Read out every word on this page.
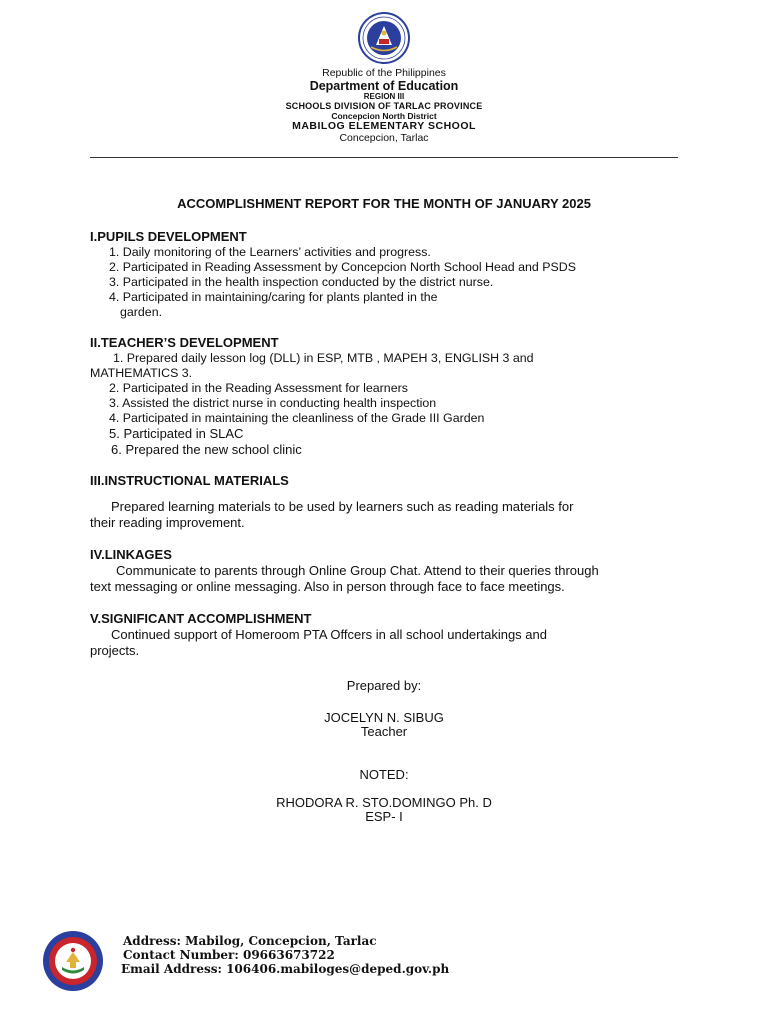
Republic of the Philippines
Department of Education
REGION III
SCHOOLS DIVISION OF TARLAC PROVINCE
Concepcion North District
MABILOG ELEMENTARY SCHOOL
Concepcion, Tarlac
ACCOMPLISHMENT REPORT FOR THE MONTH OF JANUARY 2025
I.PUPILS DEVELOPMENT
1. Daily monitoring of the Learners’ activities and progress.
2. Participated in Reading Assessment by Concepcion North School Head and PSDS
3. Participated in the health inspection conducted by the district nurse.
4. Participated in maintaining/caring for plants planted in the
garden.
II.TEACHER’S DEVELOPMENT
1. Prepared daily lesson log (DLL) in ESP, MTB , MAPEH 3, ENGLISH 3 and
MATHEMATICS 3.
2. Participated in the Reading Assessment for learners
3. Assisted the district nurse in conducting health inspection
4. Participated in maintaining the cleanliness of the Grade III Garden
5. Participated in SLAC
6. Prepared the new school clinic
III.INSTRUCTIONAL MATERIALS
Prepared learning materials to be used by learners such as reading materials for
their reading improvement.
IV.LINKAGES
Communicate to parents through Online Group Chat. Attend to their queries through
text messaging or online messaging. Also in person through face to face meetings.
V.SIGNIFICANT ACCOMPLISHMENT
Continued support of Homeroom PTA Offcers in all school undertakings and
projects.
Prepared by:
JOCELYN N. SIBUG
Teacher
NOTED:
RHODORA R. STO.DOMINGO Ph. D
ESP- I
Address: Mabilog, Concepcion, Tarlac
Contact Number: 09663673722
Email Address: 106406.mabiloges@deped.gov.ph
